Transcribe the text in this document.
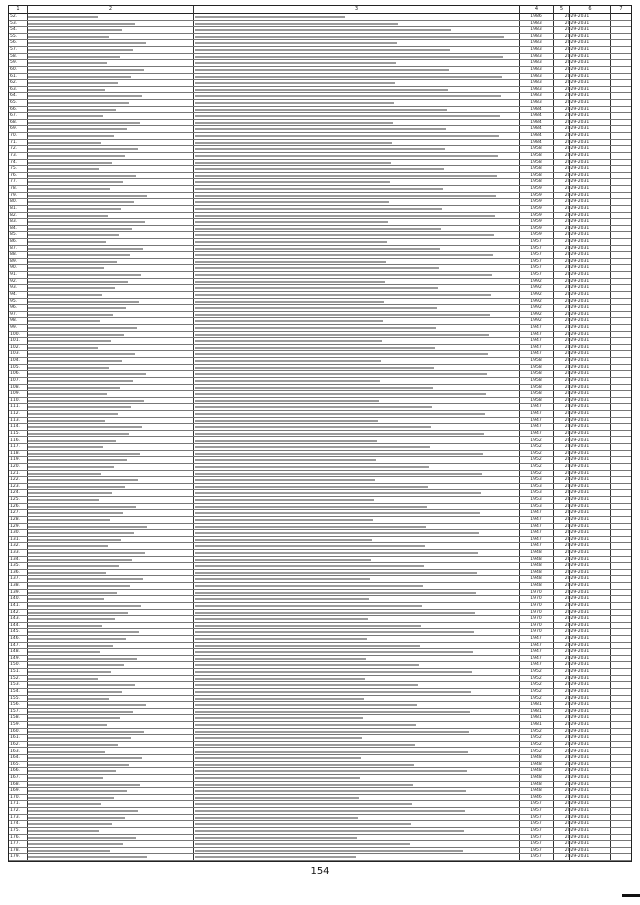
1	2	3	4	5	6	7
52.	1986	2029-2031
53.	1983	2029-2031
54.	1983	2029-2031
55.	1983	2029-2031
56.	1983	2029-2031
57.	1983	2029-2031
58.	1983	2029-2031
59.	1983	2029-2031
60.	1983	2029-2031
61.	1983	2029-2031
62.	1983	2029-2031
63.	1983	2029-2031
64.	1983	2029-2031
65.	1983	2029-2031
66.	1984	2029-2031
67.	1984	2029-2031
68.	1984	2029-2031
69.	1984	2029-2031
70.	1984	2029-2031
71.	1984	2029-2031
72.	1958	2029-2031
73.	1958	2029-2031
74.	1958	2029-2031
75.	1958	2029-2031
76.	1958	2029-2031
77.	1958	2029-2031
78.	1959	2029-2031
79.	1959	2029-2031
80.	1959	2029-2031
81.	1959	2029-2031
82.	1959	2029-2031
83.	1959	2029-2031
84.	1959	2029-2031
85.	1959	2029-2031
86.	1957	2029-2031
87.	1957	2029-2031
88.	1957	2029-2031
89.	1957	2029-2031
90.	1957	2029-2031
91.	1957	2029-2031
92.	1992	2029-2031
93.	1992	2029-2031
94.	1992	2029-2031
95.	1992	2029-2031
96.	1992	2029-2031
97.	1992	2029-2031
98.	1992	2029-2031
99.	1947	2029-2031
100.	1947	2029-2031
101.	1947	2029-2031
102.	1947	2029-2031
103.	1947	2029-2031
104.	1958	2029-2031
105.	1958	2029-2031
106.	1958	2029-2031
107.	1958	2029-2031
108.	1958	2029-2031
109.	1958	2029-2031
110.	1958	2029-2031
111.	1947	2029-2031
112.	1947	2029-2031
113.	1947	2029-2031
114.	1947	2029-2031
115.	1947	2029-2031
116.	1952	2029-2031
117.	1952	2029-2031
118.	1952	2029-2031
119.	1952	2029-2031
120.	1952	2029-2031
121.	1952	2029-2031
122.	1953	2029-2031
123.	1953	2029-2031
124.	1953	2029-2031
125.	1953	2029-2031
126.	1953	2029-2031
127.	1947	2029-2031
128.	1947	2029-2031
129.	1947	2029-2031
130.	1947	2029-2031
131.	1947	2029-2031
132.	1947	2029-2031
133.	1948	2029-2031
134.	1948	2029-2031
135.	1948	2029-2031
136.	1948	2029-2031
137.	1948	2029-2031
138.	1948	2029-2031
139.	1970	2029-2031
140.	1970	2029-2031
141.	1970	2029-2031
142.	1970	2029-2031
143.	1970	2029-2031
144.	1970	2029-2031
145.	1970	2029-2031
146.	1947	2029-2031
147.	1947	2029-2031
148.	1947	2029-2031
149.	1947	2029-2031
150.	1947	2029-2031
151.	1952	2029-2031
152.	1952	2029-2031
153.	1952	2029-2031
154.	1952	2029-2031
155.	1952	2029-2031
156.	1981	2029-2031
157.	1981	2029-2031
158.	1981	2029-2031
159.	1981	2029-2031
160.	1952	2029-2031
161.	1952	2029-2031
162.	1952	2029-2031
163.	1952	2029-2031
164.	1948	2029-2031
165.	1948	2029-2031
166.	1948	2029-2031
167.	1948	2029-2031
168.	1948	2029-2031
169.	1948	2029-2031
170.	1946	2029-2031
171.	1957	2029-2031
172.	1957	2029-2031
173.	1957	2029-2031
174.	1957	2029-2031
175.	1957	2029-2031
176.	1957	2029-2031
177.	1957	2029-2031
178.	1957	2029-2031
179.	1957	2029-2031
154
